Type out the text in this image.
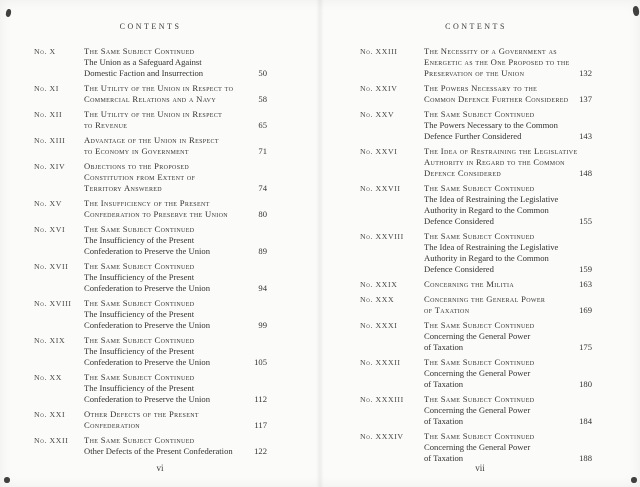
CONTENTS
No. X	The Same Subject Continued
The Union as a Safeguard Against
Domestic Faction and Insurrection	50
No. XI	The Utility of the Union in Respect to
Commercial Relations and a Navy	58
No. XII	The Utility of the Union in Respect
to Revenue	65
No. XIII	Advantage of the Union in Respect
to Economy in Government	71
No. XIV	Objections to the Proposed
Constitution from Extent of
Territory Answered	74
No. XV	The Insufficiency of the Present
Confederation to Preserve the Union	80
No. XVI	The Same Subject Continued
The Insufficiency of the Present
Confederation to Preserve the Union	89
No. XVII	The Same Subject Continued
The Insufficiency of the Present
Confederation to Preserve the Union	94
No. XVIII	The Same Subject Continued
The Insufficiency of the Present
Confederation to Preserve the Union	99
No. XIX	The Same Subject Continued
The Insufficiency of the Present
Confederation to Preserve the Union	105
No. XX	The Same Subject Continued
The Insufficiency of the Present
Confederation to Preserve the Union	112
No. XXI	Other Defects of the Present
Confederation	117
No. XXII	The Same Subject Continued
Other Defects of the Present Confederation	122
vi
CONTENTS
No. XXIII	The Necessity of a Government as
Energetic as the One Proposed to the
Preservation of the Union	132
No. XXIV	The Powers Necessary to the
Common Defence Further Considered	137
No. XXV	The Same Subject Continued
The Powers Necessary to the Common
Defence Further Considered	143
No. XXVI	The Idea of Restraining the Legislative
Authority in Regard to the Common
Defence Considered	148
No. XXVII	The Same Subject Continued
The Idea of Restraining the Legislative
Authority in Regard to the Common
Defence Considered	155
No. XXVIII	The Same Subject Continued
The Idea of Restraining the Legislative
Authority in Regard to the Common
Defence Considered	159
No. XXIX	Concerning the Militia	163
No. XXX	Concerning the General Power
of Taxation	169
No. XXXI	The Same Subject Continued
Concerning the General Power
of Taxation	175
No. XXXII	The Same Subject Continued
Concerning the General Power
of Taxation	180
No. XXXIII	The Same Subject Continued
Concerning the General Power
of Taxation	184
No. XXXIV	The Same Subject Continued
Concerning the General Power
of Taxation	188
vii
